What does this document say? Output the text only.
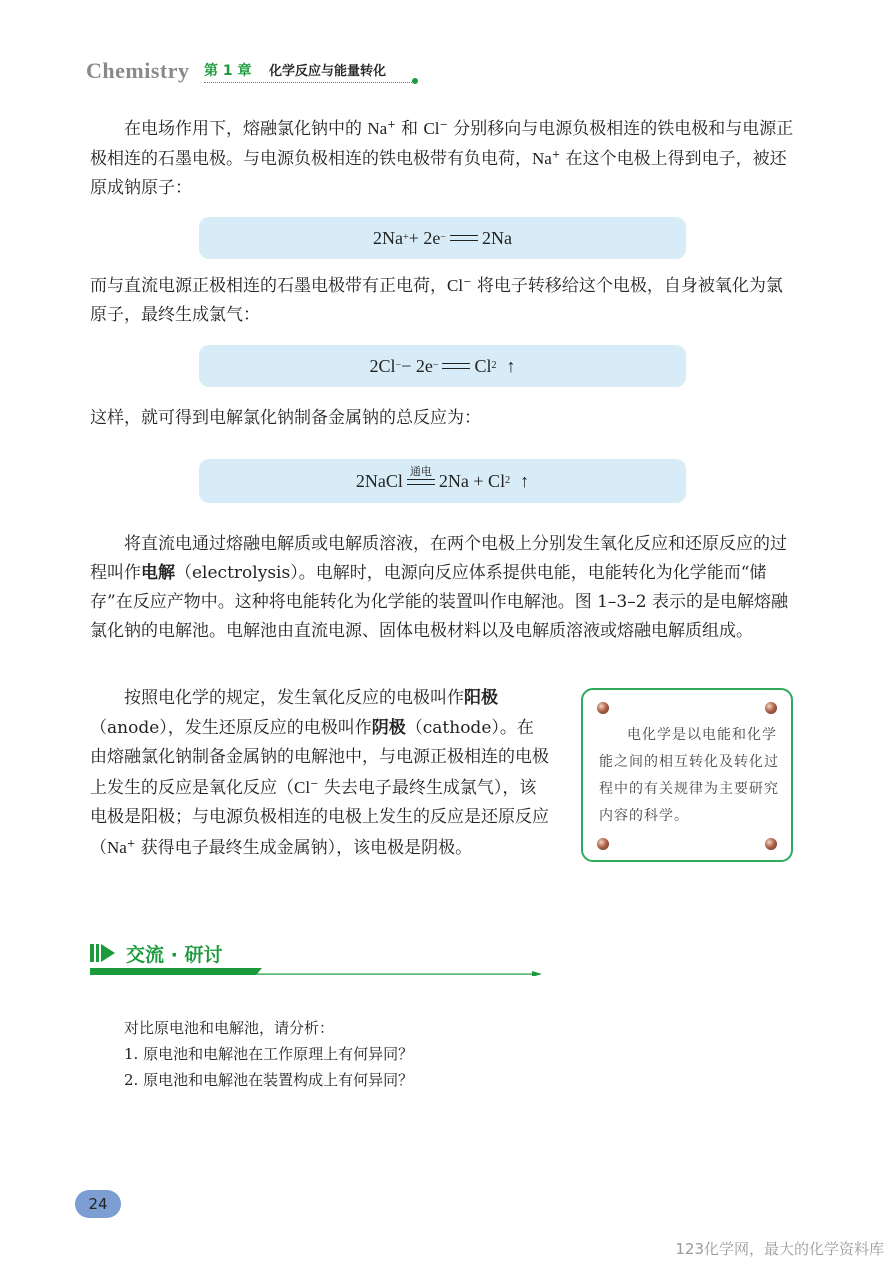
Chemistry 第 1 章 化学反应与能量转化

在电场作用下，熔融氯化钠中的 Na+ 和 Cl− 分别移向与电源负极相连的铁电极和与电源正极相连的石墨电极。与电源负极相连的铁电极带有负电荷，Na+ 在这个电极上得到电子，被还原成钠原子：

2Na + + 2e − 2Na

而与直流电源正极相连的石墨电极带有正电荷，Cl− 将电子转移给这个电极，自身被氧化为氯原子，最终生成氯气：

2Cl − − 2e − Cl 2 ↑

这样，就可得到电解氯化钠制备金属钠的总反应为：

2NaCl 通电 2Na + Cl 2 ↑

将直流电通过熔融电解质或电解质溶液，在两个电极上分别发生氧化反应和还原反应的过程叫作电解（electrolysis）。电解时，电源向反应体系提供电能，电能转化为化学能而“储存”在反应产物中。这种将电能转化为化学能的装置叫作电解池。图 1–3–2 表示的是电解熔融氯化钠的电解池。电解池由直流电源、固体电极材料以及电解质溶液或熔融电解质组成。

按照电化学的规定，发生氧化反应的电极叫作阳极（anode），发生还原反应的电极叫作阴极（cathode）。在由熔融氯化钠制备金属钠的电解池中，与电源正极相连的电极上发生的反应是氧化反应（Cl− 失去电子最终生成氯气），该电极是阳极；与电源负极相连的电极上发生的反应是还原反应（Na+ 获得电子最终生成金属钠），该电极是阴极。

电化学是以电能和化学能之间的相互转化及转化过程中的有关规律为主要研究内容的科学。

交流 · 研讨

对比原电池和电解池，请分析：

1. 原电池和电解池在工作原理上有何异同？

2. 原电池和电解池在装置构成上有何异同？

24
123化学网，最大的化学资料库
